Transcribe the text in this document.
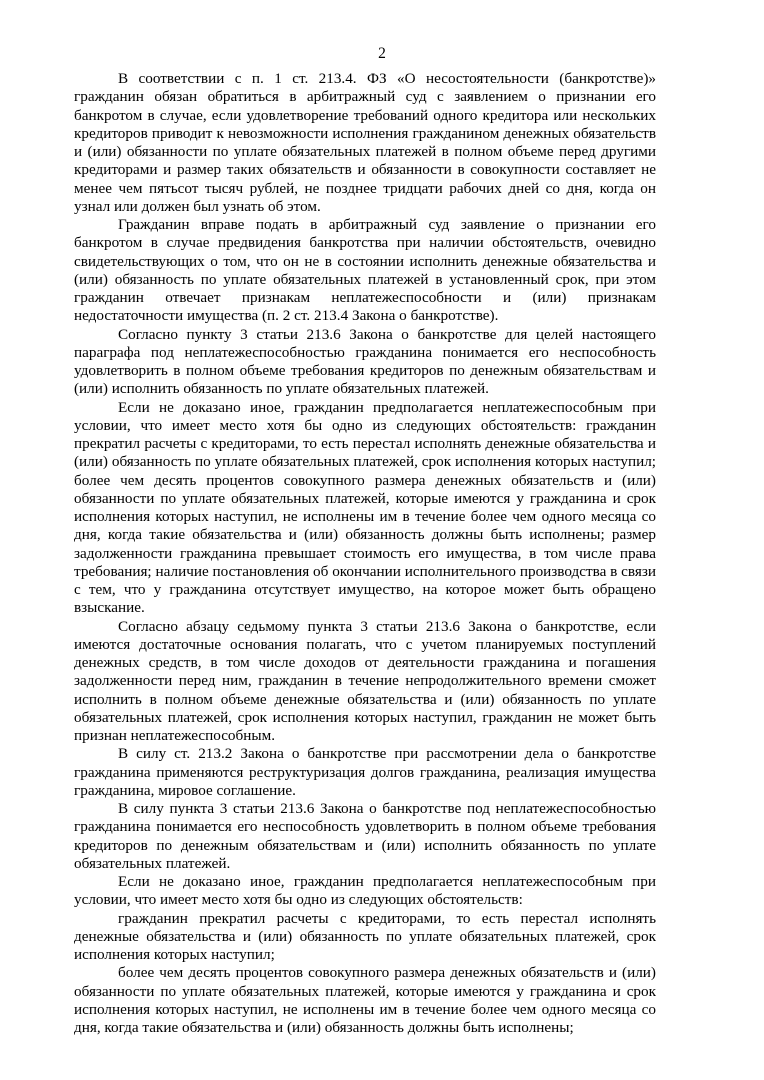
2

В соответствии с п. 1 ст. 213.4. ФЗ «О несостоятельности (банкротстве)» гражданин обязан обратиться в арбитражный суд с заявлением о признании его банкротом в случае, если удовлетворение требований одного кредитора или нескольких кредиторов приводит к невозможности исполнения гражданином денежных обязательств и (или) обязанности по уплате обязательных платежей в полном объеме перед другими кредиторами и размер таких обязательств и обязанности в совокупности составляет не менее чем пятьсот тысяч рублей, не позднее тридцати рабочих дней со дня, когда он узнал или должен был узнать об этом.

Гражданин вправе подать в арбитражный суд заявление о признании его банкротом в случае предвидения банкротства при наличии обстоятельств, очевидно свидетельствующих о том, что он не в состоянии исполнить денежные обязательства и (или) обязанность по уплате обязательных платежей в установленный срок, при этом гражданин отвечает признакам неплатежеспособности и (или) признакам недостаточности имущества (п. 2 ст. 213.4 Закона о банкротстве).

Согласно пункту 3 статьи 213.6 Закона о банкротстве для целей настоящего параграфа под неплатежеспособностью гражданина понимается его неспособность удовлетворить в полном объеме требования кредиторов по денежным обязательствам и (или) исполнить обязанность по уплате обязательных платежей.

Если не доказано иное, гражданин предполагается неплатежеспособным при условии, что имеет место хотя бы одно из следующих обстоятельств: гражданин прекратил расчеты с кредиторами, то есть перестал исполнять денежные обязательства и (или) обязанность по уплате обязательных платежей, срок исполнения которых наступил; более чем десять процентов совокупного размера денежных обязательств и (или) обязанности по уплате обязательных платежей, которые имеются у гражданина и срок исполнения которых наступил, не исполнены им в течение более чем одного месяца со дня, когда такие обязательства и (или) обязанность должны быть исполнены; размер задолженности гражданина превышает стоимость его имущества, в том числе права требования; наличие постановления об окончании исполнительного производства в связи с тем, что у гражданина отсутствует имущество, на которое может быть обращено взыскание.

Согласно абзацу седьмому пункта 3 статьи 213.6 Закона о банкротстве, если имеются достаточные основания полагать, что с учетом планируемых поступлений денежных средств, в том числе доходов от деятельности гражданина и погашения задолженности перед ним, гражданин в течение непродолжительного времени сможет исполнить в полном объеме денежные обязательства и (или) обязанность по уплате обязательных платежей, срок исполнения которых наступил, гражданин не может быть признан неплатежеспособным.

В силу ст. 213.2 Закона о банкротстве при рассмотрении дела о банкротстве гражданина применяются реструктуризация долгов гражданина, реализация имущества гражданина, мировое соглашение.

В силу пункта 3 статьи 213.6 Закона о банкротстве под неплатежеспособностью гражданина понимается его неспособность удовлетворить в полном объеме требования кредиторов по денежным обязательствам и (или) исполнить обязанность по уплате обязательных платежей.

Если не доказано иное, гражданин предполагается неплатежеспособным при условии, что имеет место хотя бы одно из следующих обстоятельств:

гражданин прекратил расчеты с кредиторами, то есть перестал исполнять денежные обязательства и (или) обязанность по уплате обязательных платежей, срок исполнения которых наступил;

более чем десять процентов совокупного размера денежных обязательств и (или) обязанности по уплате обязательных платежей, которые имеются у гражданина и срок исполнения которых наступил, не исполнены им в течение более чем одного месяца со дня, когда такие обязательства и (или) обязанность должны быть исполнены;
